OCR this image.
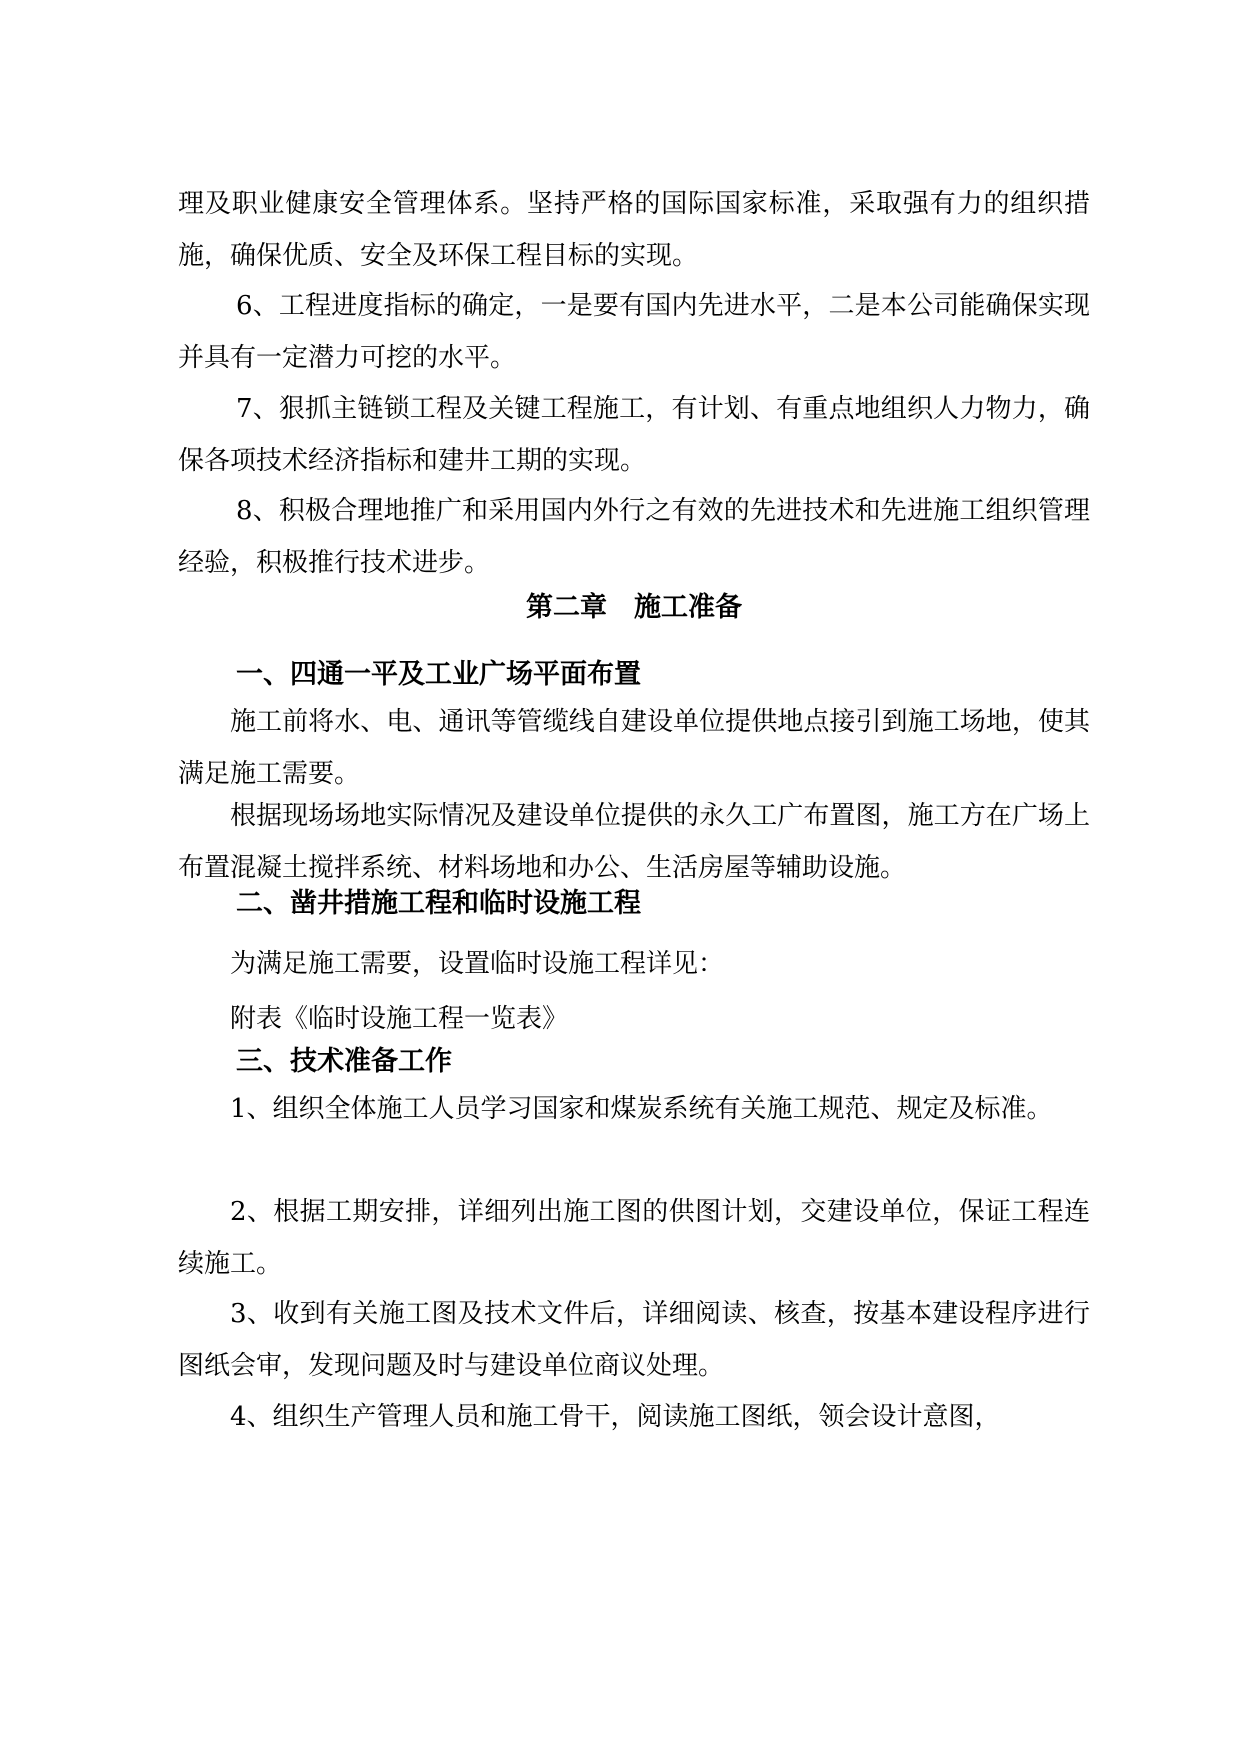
理及职业健康安全管理体系。坚持严格的国际国家标准，采取强有力的组织措施，确保优质、安全及环保工程目标的实现。

6、工程进度指标的确定，一是要有国内先进水平，二是本公司能确保实现并具有一定潜力可挖的水平。

7、狠抓主链锁工程及关键工程施工，有计划、有重点地组织人力物力，确保各项技术经济指标和建井工期的实现。

8、积极合理地推广和采用国内外行之有效的先进技术和先进施工组织管理经验，积极推行技术进步。

第二章　施工准备

一、四通一平及工业广场平面布置

施工前将水、电、通讯等管缆线自建设单位提供地点接引到施工场地，使其满足施工需要。

根据现场场地实际情况及建设单位提供的永久工广布置图，施工方在广场上布置混凝土搅拌系统、材料场地和办公、生活房屋等辅助设施。

二、凿井措施工程和临时设施工程

为满足施工需要，设置临时设施工程详见：

附表《临时设施工程一览表》

三、技术准备工作

1、组织全体施工人员学习国家和煤炭系统有关施工规范、规定及标准。

2、根据工期安排，详细列出施工图的供图计划，交建设单位，保证工程连续施工。

3、收到有关施工图及技术文件后，详细阅读、核查，按基本建设程序进行图纸会审，发现问题及时与建设单位商议处理。

4、组织生产管理人员和施工骨干，阅读施工图纸，领会设计意图，
